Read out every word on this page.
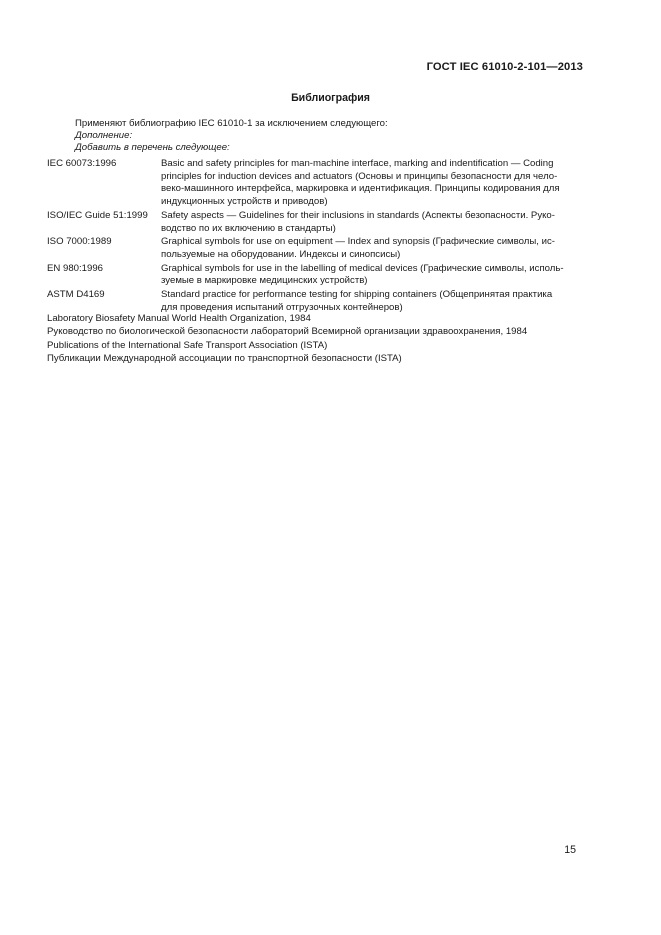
ГОСТ IEC 61010-2-101—2013
Библиография
Применяют библиографию IEC 61010-1 за исключением следующего:
Дополнение:
Добавить в перечень следующее:
IEC 60073:1996	Basic and safety principles for man-machine interface, marking and indentification — Coding
principles for induction devices and actuators (Основы и принципы безопасности для чело-
веко-машинного интерфейса, маркировка и идентификация. Принципы кодирования для
индукционных устройств и приводов)
ISO/IEC Guide 51:1999	Safety aspects — Guidelines for their inclusions in standards (Аспекты безопасности. Руко-
водство по их включению в стандарты)
ISO 7000:1989	Graphical symbols for use on equipment — Index and synopsis (Графические символы, ис-
пользуемые на оборудовании. Индексы и синопсисы)
EN 980:1996	Graphical symbols for use in the labelling of medical devices (Графические символы, исполь-
зуемые в маркировке медицинских устройств)
ASTM D4169	Standard practice for performance testing for shipping containers (Общепринятая практика
для проведения испытаний отгрузочных контейнеров)
Laboratory Biosafety Manual World Health Organization, 1984
Руководство по биологической безопасности лабораторий Всемирной организации здравоохранения, 1984
Publications of the International Safe Transport Association (ISTA)
Публикации Международной ассоциации по транспортной безопасности (ISTA)
15
